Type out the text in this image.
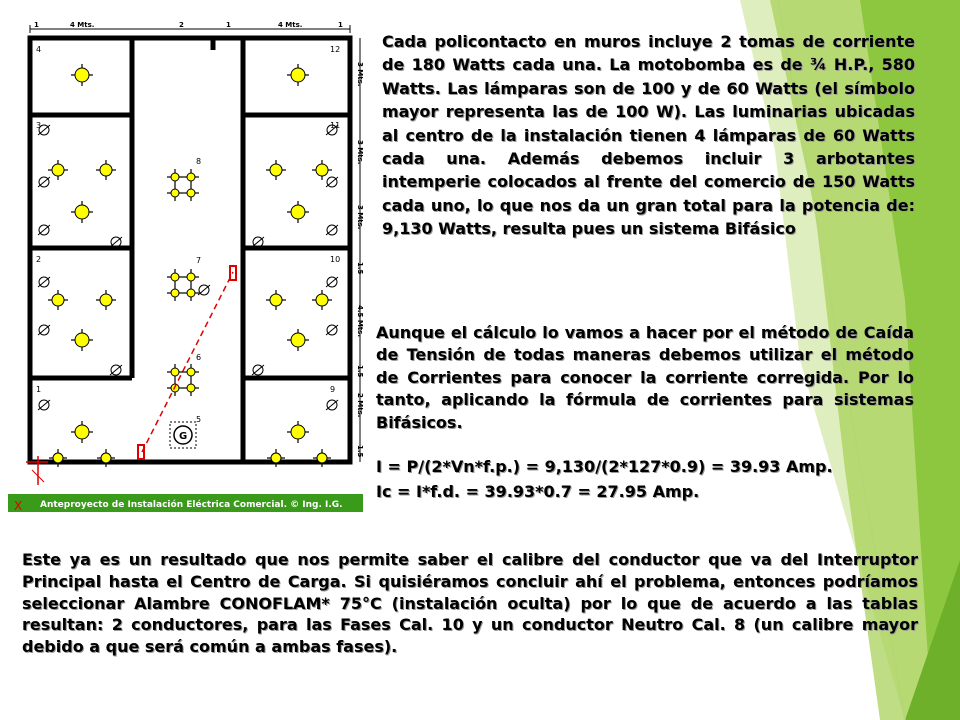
1	4 Mts.	2	1	4 Mts.	1
3 Mts.
3 Mts.
3 Mts.
1.5
4.5 Mts.
1.5
2 Mts.
1.5
4
3
2
1
12
11
10
9
8
7
6
5
G
Anteproyecto de Instalación Eléctrica Comercial. © Ing. I.G.
X
Cada policontacto en muros incluye 2 tomas de corriente de 180 Watts cada una. La motobomba es de ¾ H.P., 580 Watts. Las lámparas son de 100 y de 60 Watts (el símbolo mayor representa las de 100 W). Las luminarias ubicadas al centro de la instalación tienen 4 lámparas de 60 Watts cada una. Además debemos incluir 3 arbotantes intemperie colocados al frente del comercio de 150 Watts cada uno, lo que nos da un gran total para la potencia de: 9,130 Watts, resulta pues un sistema Bifásico
Aunque el cálculo lo vamos a hacer por el método de Caída de Tensión de todas maneras debemos utilizar el método de Corrientes para conocer la corriente corregida. Por lo tanto, aplicando la fórmula de corrientes para sistemas Bifásicos.
I = P/(2*Vn*f.p.) = 9,130/(2*127*0.9) = 39.93 Amp.
Ic = I*f.d. = 39.93*0.7 = 27.95 Amp.
Este ya es un resultado que nos permite saber el calibre del conductor que va del Interruptor Principal hasta el Centro de Carga. Si quisiéramos concluir ahí el problema, entonces podríamos seleccionar Alambre CONOFLAM* 75°C (instalación oculta) por lo que de acuerdo a las tablas resultan: 2 conductores, para las Fases Cal. 10 y un conductor Neutro Cal. 8 (un calibre mayor debido a que será común a ambas fases).
